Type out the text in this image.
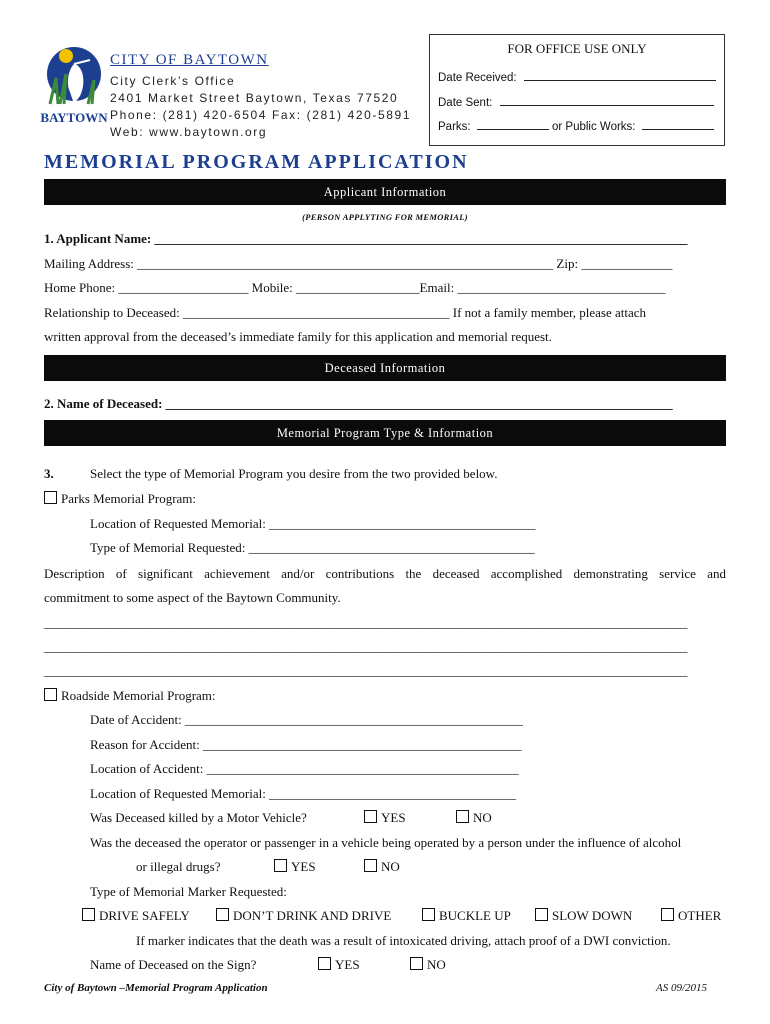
BAYTOWN
CITY OF BAYTOWN
City Clerk’s Office
2401 Market Street Baytown, Texas 77520
Phone: (281) 420-6504 Fax: (281) 420-5891
Web: www.baytown.org
FOR OFFICE USE ONLY
Date Received:
Date Sent:
Parks:	or Public Works:
MEMORIAL PROGRAM APPLICATION
Applicant Information
(PERSON APPLYTING FOR MEMORIAL)
1. Applicant Name: __________________________________________________________________________________
Mailing Address: ________________________________________________________________ Zip: ______________
Home Phone: ____________________ Mobile: ___________________Email: ________________________________
Relationship to Deceased: _________________________________________ If not a family member, please attach
written approval from the deceased’s immediate family for this application and memorial request.
Deceased Information
2. Name of Deceased: ______________________________________________________________________________
Memorial Program Type & Information
3.	Select the type of Memorial Program you desire from the two provided below.
Parks Memorial Program:
Location of Requested Memorial: _________________________________________
Type of Memorial Requested: ____________________________________________
Description of significant achievement and/or contributions the deceased accomplished demonstrating service and
commitment to some aspect of the Baytown Community.
___________________________________________________________________________________________________
___________________________________________________________________________________________________
___________________________________________________________________________________________________
Roadside Memorial Program:
Date of Accident: ____________________________________________________
Reason for Accident: _________________________________________________
Location of Accident: ________________________________________________
Location of Requested Memorial: ______________________________________
Was Deceased killed by a Motor Vehicle?	YES	NO
Was the deceased the operator or passenger in a vehicle being operated by a person under the influence of alcohol
or illegal drugs?	YES	NO
Type of Memorial Marker Requested:
DRIVE SAFELY	DON’T DRINK AND DRIVE	BUCKLE UP	SLOW DOWN	OTHER
If marker indicates that the death was a result of intoxicated driving, attach proof of a DWI conviction.
Name of Deceased on the Sign?	YES	NO
City of Baytown –Memorial Program Application	AS 09/2015
